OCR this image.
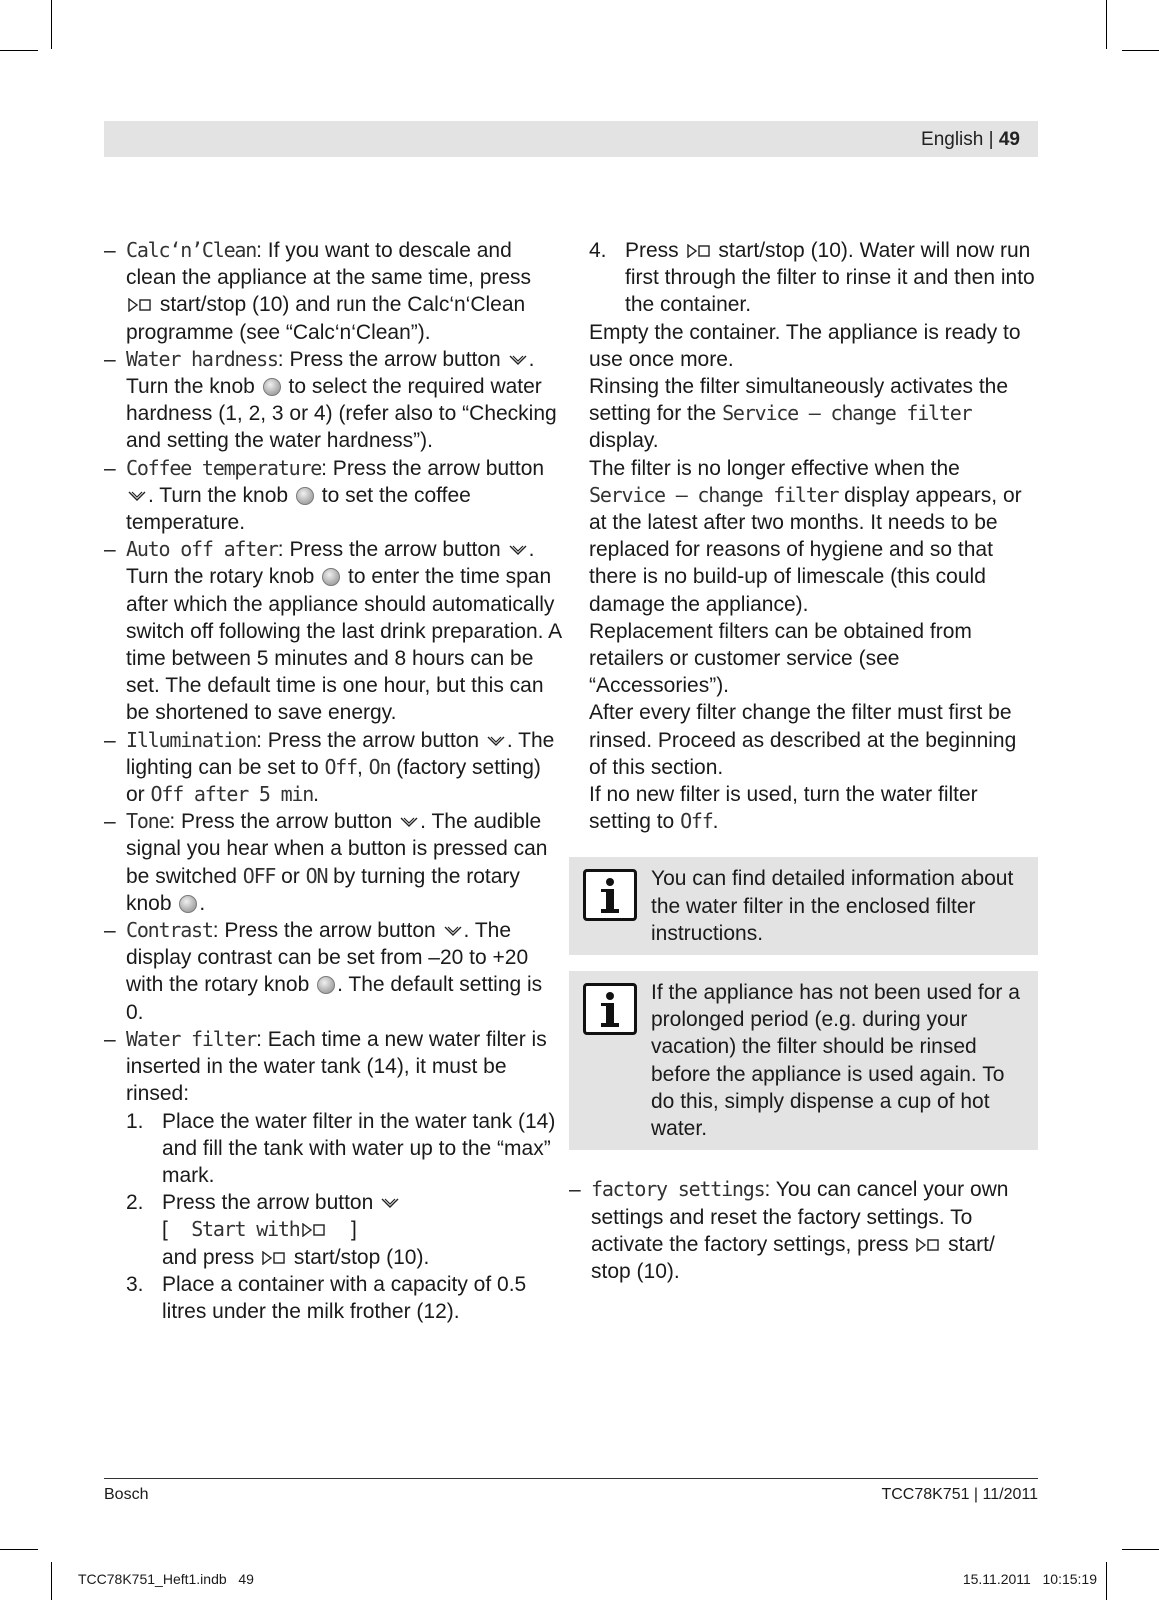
English | 49
– Calc‘n’Clean: If you want to descale and clean the appliance at the same time, press  start/stop (10) and run the Calc‘n‘Clean programme (see “Calc‘n‘Clean”).
– Water hardness: Press the arrow button . Turn the knob  to select the required water hardness (1, 2, 3 or 4) (refer also to “Checking and setting the water hardness”).
– Coffee temperature: Press the arrow button . Turn the knob  to set the coffee temperature.
– Auto off after: Press the arrow button . Turn the rotary knob  to enter the time span after which the appliance should automatically switch off following the last drink preparation. A time between 5 minutes and 8 hours can be set. The default time is one hour, but this can be shortened to save energy.
– Illumination: Press the arrow button . The lighting can be set to Off, On (factory setting) or Off after 5 min.
– Tone: Press the arrow button . The audible signal you hear when a button is pressed can be switched OFF or ON by turning the rotary knob .
– Contrast: Press the arrow button . The display contrast can be set from –20 to +20 with the rotary knob . The default setting is 0.
– Water filter: Each time a new water filter is inserted in the water tank (14), it must be rinsed:
1. Place the water filter in the water tank (14) and fill the tank with water up to the “max” mark.
2. Press the arrow button
[ Start with ]
and press  start/stop (10).
3. Place a container with a capacity of 0.5 litres under the milk frother (12).
4. Press  start/stop (10). Water will now run first through the filter to rinse it and then into the container.
Empty the container. The appliance is ready to use once more.
Rinsing the filter simultaneously activates the setting for the Service – change filter display.
The filter is no longer effective when the Service – change filter display appears, or at the latest after two months. It needs to be replaced for reasons of hygiene and so that there is no build-up of limescale (this could damage the appliance).
Replacement filters can be obtained from retailers or customer service (see “Accessories”).
After every filter change the filter must first be rinsed. Proceed as described at the beginning of this section.
If no new filter is used, turn the water filter setting to Off.
You can find detailed information about the water filter in the enclosed filter instructions.
If the appliance has not been used for a prolonged period (e.g. during your vacation) the filter should be rinsed before the appliance is used again. To do this, simply dispense a cup of hot water.
– factory settings: You can cancel your own settings and reset the factory settings. To activate the factory settings, press  start/ stop (10).
Bosch	TCC78K751 | 11/2011
TCC78K751_Heft1.indb   49	15.11.2011   10:15:19
